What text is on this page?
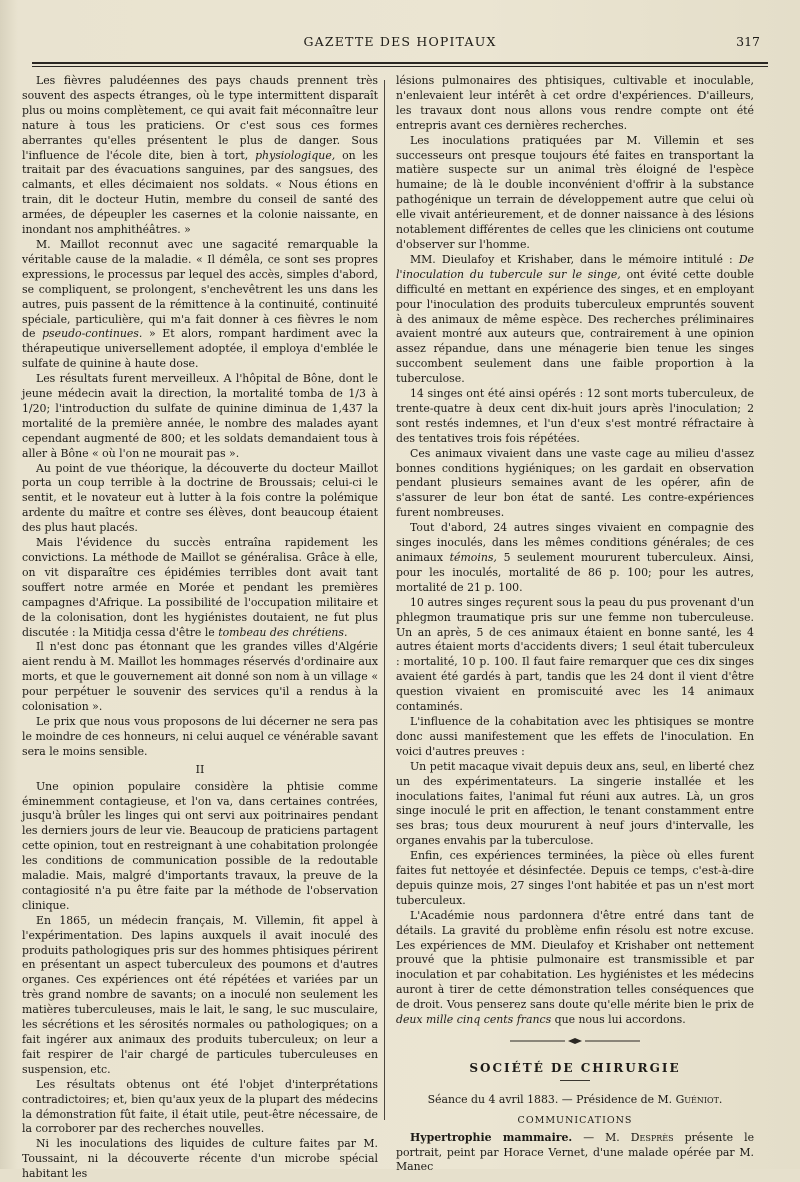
GAZETTE DES HOPITAUX	317

Les fièvres paludéennes des pays chauds prennent très souvent des aspects étranges, où le type intermittent disparaît plus ou moins complètement, ce qui avait fait méconnaître leur nature à tous les praticiens. Or c'est sous ces formes aberrantes qu'elles présentent le plus de danger. Sous l'influence de l'école dite, bien à tort, physiologique, on les traitait par des évacuations sanguines, par des sangsues, des calmants, et elles décimaient nos soldats. « Nous étions en train, dit le docteur Hutin, membre du conseil de santé des armées, de dépeupler les casernes et la colonie naissante, en inondant nos amphithéâtres. »

M. Maillot reconnut avec une sagacité remarquable la véritable cause de la maladie. « Il démêla, ce sont ses propres expressions, le processus par lequel des accès, simples d'abord, se compliquent, se prolongent, s'enchevêtrent les uns dans les autres, puis passent de la rémittence à la continuité, continuité spéciale, particulière, qui m'a fait donner à ces fièvres le nom de pseudo-continues. » Et alors, rompant hardiment avec la thérapeutique universellement adoptée, il employa d'emblée le sulfate de quinine à haute dose.

Les résultats furent merveilleux. A l'hôpital de Bône, dont le jeune médecin avait la direction, la mortalité tomba de 1/3 à 1/20; l'introduction du sulfate de quinine diminua de 1,437 la mortalité de la première année, le nombre des malades ayant cependant augmenté de 800; et les soldats demandaient tous à aller à Bône « où l'on ne mourait pas ».

Au point de vue théorique, la découverte du docteur Maillot porta un coup terrible à la doctrine de Broussais; celui-ci le sentit, et le novateur eut à lutter à la fois contre la polémique ardente du maître et contre ses élèves, dont beaucoup étaient des plus haut placés.

Mais l'évidence du succès entraîna rapidement les convictions. La méthode de Maillot se généralisa. Grâce à elle, on vit disparaître ces épidémies terribles dont avait tant souffert notre armée en Morée et pendant les premières campagnes d'Afrique. La possibilité de l'occupation militaire et de la colonisation, dont les hygiénistes doutaient, ne fut plus discutée : la Mitidja cessa d'être le tombeau des chrétiens.

Il n'est donc pas étonnant que les grandes villes d'Algérie aient rendu à M. Maillot les hommages réservés d'ordinaire aux morts, et que le gouvernement ait donné son nom à un village « pour perpétuer le souvenir des services qu'il a rendus à la colonisation ».

Le prix que nous vous proposons de lui décerner ne sera pas le moindre de ces honneurs, ni celui auquel ce vénérable savant sera le moins sensible.

II

Une opinion populaire considère la phtisie comme éminemment contagieuse, et l'on va, dans certaines contrées, jusqu'à brûler les linges qui ont servi aux poitrinaires pendant les derniers jours de leur vie. Beaucoup de praticiens partagent cette opinion, tout en restreignant à une cohabitation prolongée les conditions de communication possible de la redoutable maladie. Mais, malgré d'importants travaux, la preuve de la contagiosité n'a pu être faite par la méthode de l'observation clinique.

En 1865, un médecin français, M. Villemin, fit appel à l'expérimentation. Des lapins auxquels il avait inoculé des produits pathologiques pris sur des hommes phtisiques périrent en présentant un aspect tuberculeux des poumons et d'autres organes. Ces expériences ont été répétées et variées par un très grand nombre de savants; on a inoculé non seulement les matières tuberculeuses, mais le lait, le sang, le suc musculaire, les sécrétions et les sérosités normales ou pathologiques; on a fait ingérer aux animaux des produits tuberculeux; on leur a fait respirer de l'air chargé de particules tuberculeuses en suspension, etc.

Les résultats obtenus ont été l'objet d'interprétations contradictoires; et, bien qu'aux yeux de la plupart des médecins la démonstration fût faite, il était utile, peut-être nécessaire, de la corroborer par des recherches nouvelles.

Ni les inoculations des liquides de culture faites par M. Toussaint, ni la découverte récente d'un microbe spécial habitant les

lésions pulmonaires des phtisiques, cultivable et inoculable, n'enlevaient leur intérêt à cet ordre d'expériences. D'ailleurs, les travaux dont nous allons vous rendre compte ont été entrepris avant ces dernières recherches.

Les inoculations pratiquées par M. Villemin et ses successeurs ont presque toujours été faites en transportant la matière suspecte sur un animal très éloigné de l'espèce humaine; de là le double inconvénient d'offrir à la substance pathogénique un terrain de développement autre que celui où elle vivait antérieurement, et de donner naissance à des lésions notablement différentes de celles que les cliniciens ont coutume d'observer sur l'homme.

MM. Dieulafoy et Krishaber, dans le mémoire intitulé : De l'inoculation du tubercule sur le singe, ont évité cette double difficulté en mettant en expérience des singes, et en employant pour l'inoculation des produits tuberculeux empruntés souvent à des animaux de même espèce. Des recherches préliminaires avaient montré aux auteurs que, contrairement à une opinion assez répandue, dans une ménagerie bien tenue les singes succombent seulement dans une faible proportion à la tuberculose.

14 singes ont été ainsi opérés : 12 sont morts tuberculeux, de trente-quatre à deux cent dix-huit jours après l'inoculation; 2 sont restés indemnes, et l'un d'eux s'est montré réfractaire à des tentatives trois fois répétées.

Ces animaux vivaient dans une vaste cage au milieu d'assez bonnes conditions hygiéniques; on les gardait en observation pendant plusieurs semaines avant de les opérer, afin de s'assurer de leur bon état de santé. Les contre-expériences furent nombreuses.

Tout d'abord, 24 autres singes vivaient en compagnie des singes inoculés, dans les mêmes conditions générales; de ces animaux témoins, 5 seulement moururent tuberculeux. Ainsi, pour les inoculés, mortalité de 86 p. 100; pour les autres, mortalité de 21 p. 100.

10 autres singes reçurent sous la peau du pus provenant d'un phlegmon traumatique pris sur une femme non tuberculeuse. Un an après, 5 de ces animaux étaient en bonne santé, les 4 autres étaient morts d'accidents divers; 1 seul était tuberculeux : mortalité, 10 p. 100. Il faut faire remarquer que ces dix singes avaient été gardés à part, tandis que les 24 dont il vient d'être question vivaient en promiscuité avec les 14 animaux contaminés.

L'influence de la cohabitation avec les phtisiques se montre donc aussi manifestement que les effets de l'inoculation. En voici d'autres preuves :

Un petit macaque vivait depuis deux ans, seul, en liberté chez un des expérimentateurs. La singerie installée et les inoculations faites, l'animal fut réuni aux autres. Là, un gros singe inoculé le prit en affection, le tenant constamment entre ses bras; tous deux moururent à neuf jours d'intervalle, les organes envahis par la tuberculose.

Enfin, ces expériences terminées, la pièce où elles furent faites fut nettoyée et désinfectée. Depuis ce temps, c'est-à-dire depuis quinze mois, 27 singes l'ont habitée et pas un n'est mort tuberculeux.

L'Académie nous pardonnera d'être entré dans tant de détails. La gravité du problème enfin résolu est notre excuse. Les expériences de MM. Dieulafoy et Krishaber ont nettement prouvé que la phtisie pulmonaire est transmissible et par inoculation et par cohabitation. Les hygiénistes et les médecins auront à tirer de cette démonstration telles conséquences que de droit. Vous penserez sans doute qu'elle mérite bien le prix de deux mille cinq cents francs que nous lui accordons.

SOCIÉTÉ DE CHIRURGIE
Séance du 4 avril 1883. — Présidence de M. Guéniot.
COMMUNICATIONS

Hypertrophie mammaire. — M. Desprès présente le portrait, peint par Horace Vernet, d'une malade opérée par M. Manec
